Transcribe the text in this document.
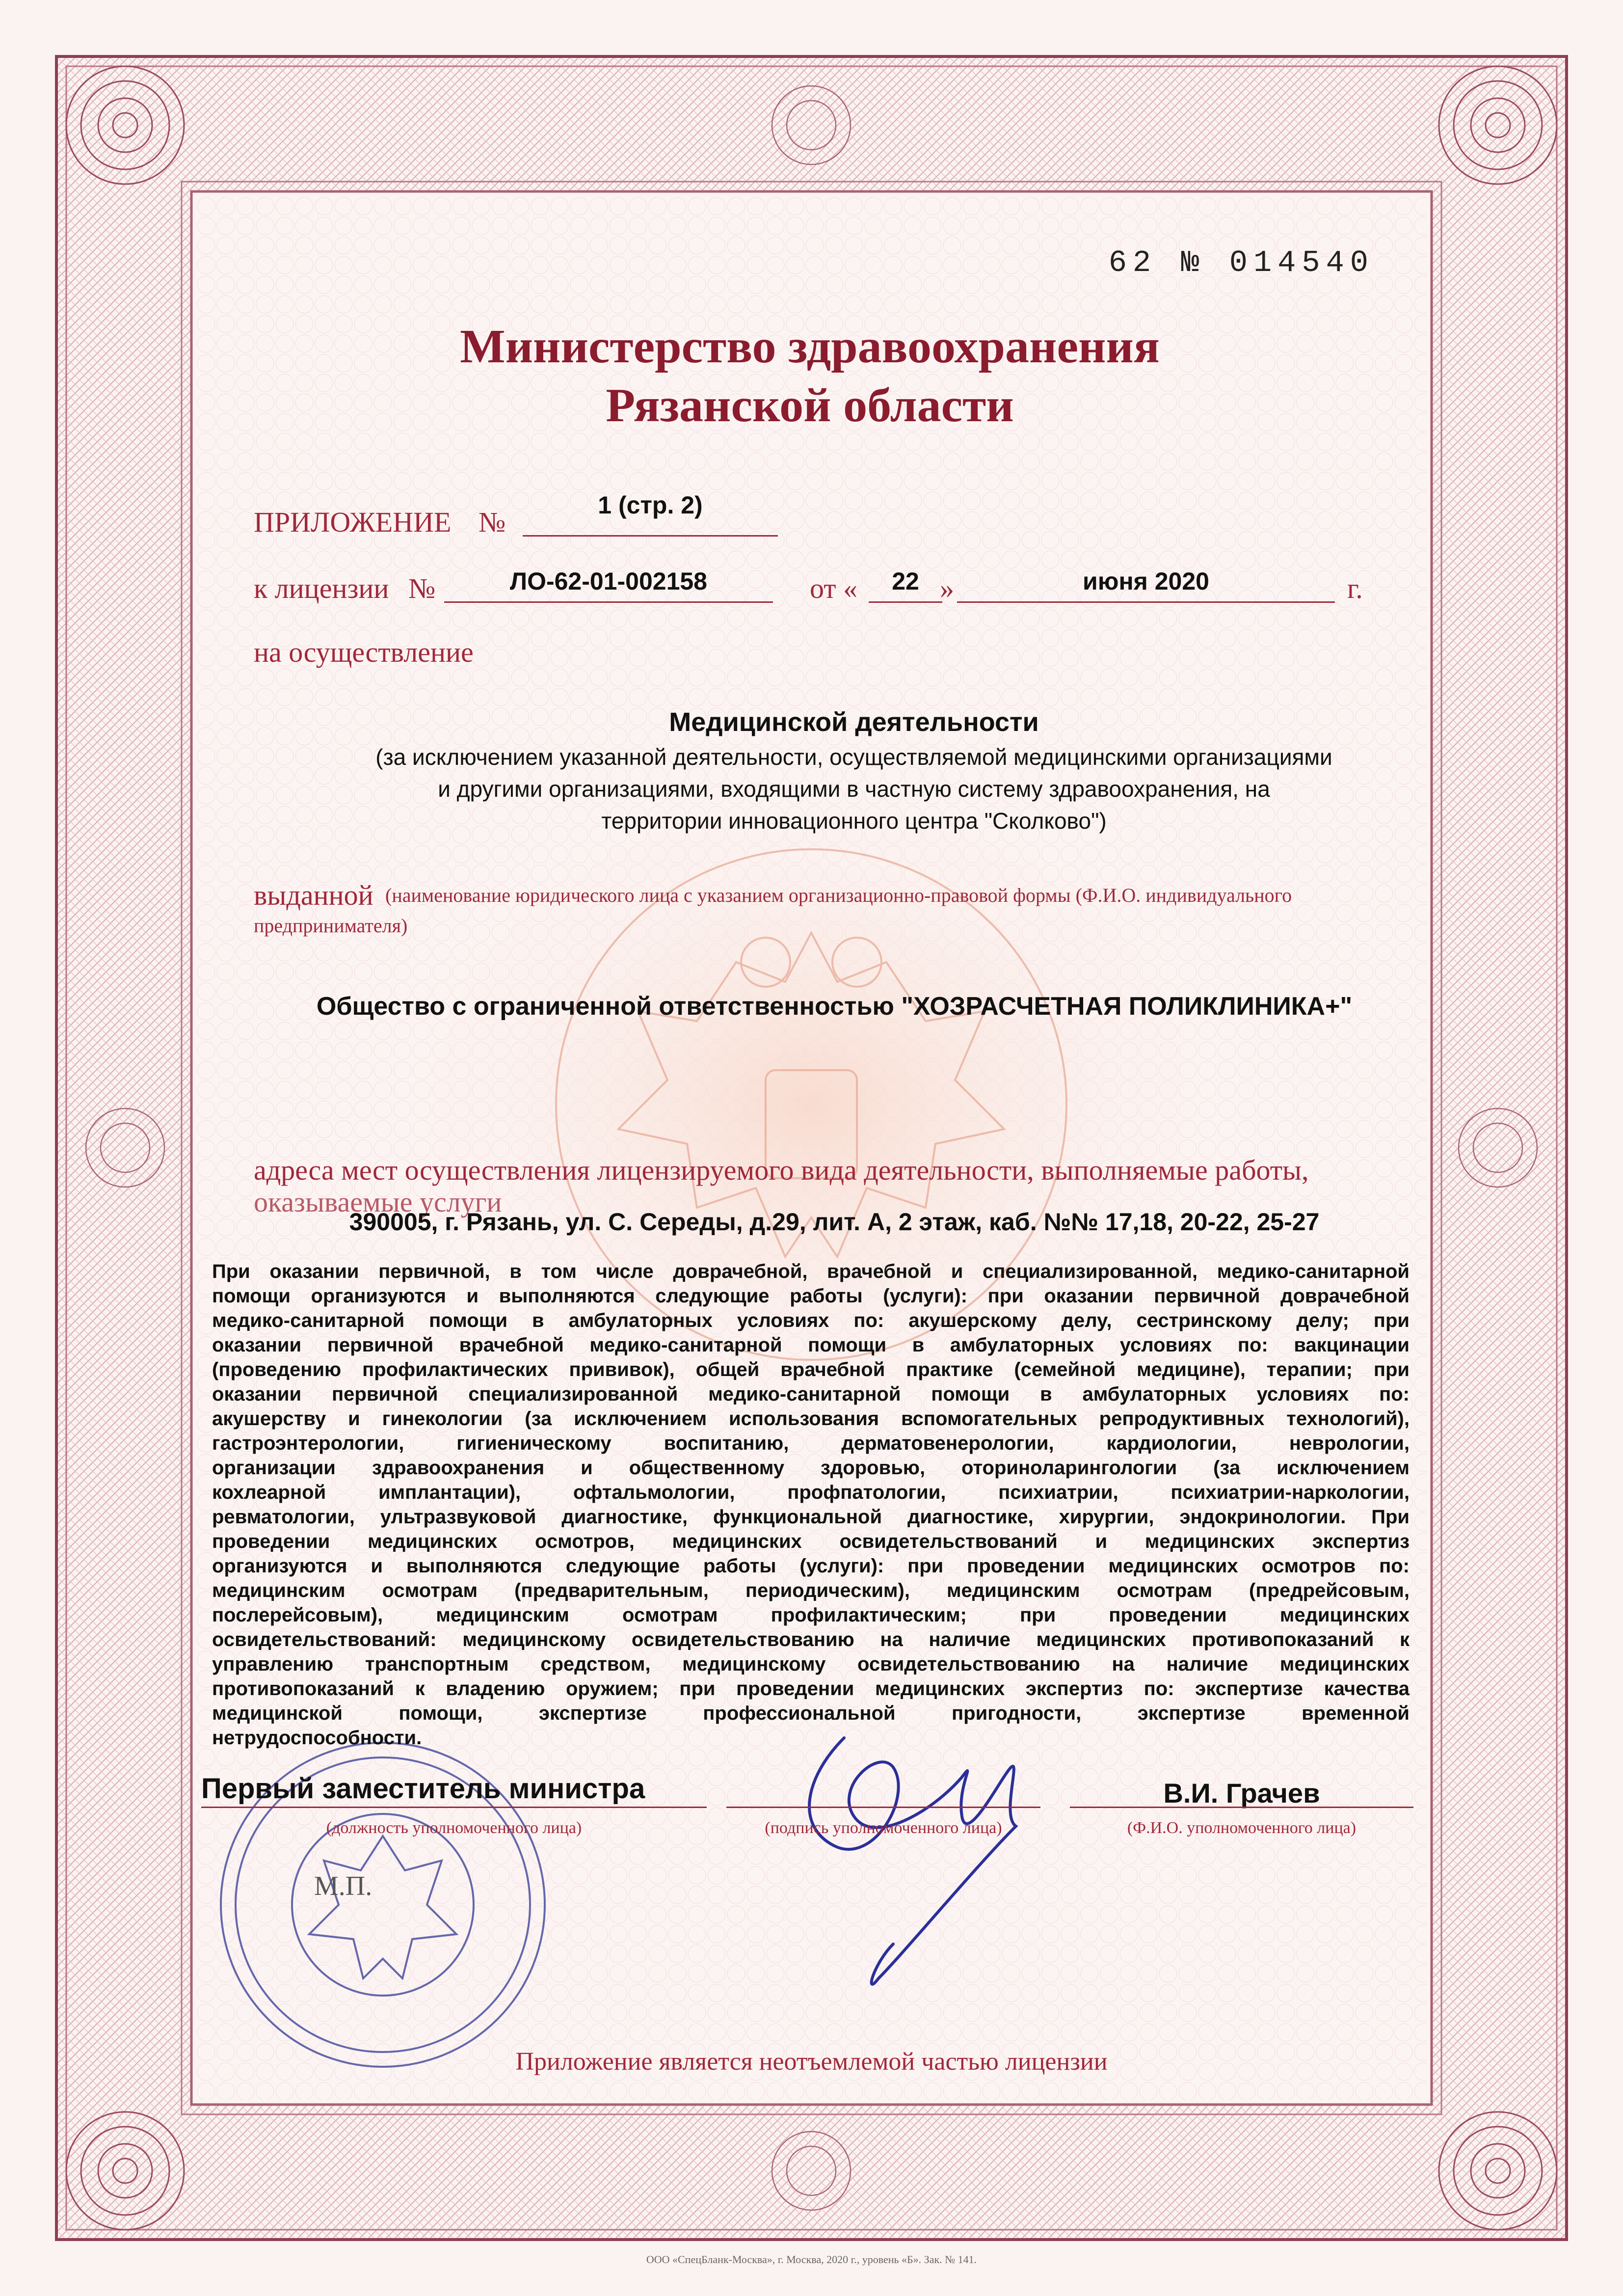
62 № 014540
Министерство здравоохранения
Рязанской области
ПРИЛОЖЕНИЕ №
1 (стр. 2)
к лицензии №	ЛО-62-01-002158	от «	22 »	июня 2020	г.
на осуществление
Медицинской деятельности
(за исключением указанной деятельности, осуществляемой медицинскими организациями
и другими организациями, входящими в частную систему здравоохранения, на
территории инновационного центра "Сколково")
выданной (наименование юридического лица с указанием организационно-правовой формы (Ф.И.О. индивидуального
предпринимателя)
Общество с ограниченной ответственностью "ХОЗРАСЧЕТНАЯ ПОЛИКЛИНИКА+"
адреса мест осуществления лицензируемого вида деятельности, выполняемые работы,
оказываемые услуги
390005, г. Рязань, ул. С. Середы, д.29, лит. А, 2 этаж, каб. №№ 17,18, 20-22, 25-27
При оказании первичной, в том числе доврачебной, врачебной и специализированной, медико-санитарной
помощи организуются и выполняются следующие работы (услуги): при оказании первичной доврачебной
медико-санитарной помощи в амбулаторных условиях по: акушерскому делу, сестринскому делу; при
оказании первичной врачебной медико-санитарной помощи в амбулаторных условиях по: вакцинации
(проведению профилактических прививок), общей врачебной практике (семейной медицине), терапии; при
оказании первичной специализированной медико-санитарной помощи в амбулаторных условиях по:
акушерству и гинекологии (за исключением использования вспомогательных репродуктивных технологий),
гастроэнтерологии, гигиеническому воспитанию, дерматовенерологии, кардиологии, неврологии,
организации здравоохранения и общественному здоровью, оториноларингологии (за исключением
кохлеарной имплантации), офтальмологии, профпатологии, психиатрии, психиатрии-наркологии,
ревматологии, ультразвуковой диагностике, функциональной диагностике, хирургии, эндокринологии. При
проведении медицинских осмотров, медицинских освидетельствований и медицинских экспертиз
организуются и выполняются следующие работы (услуги): при проведении медицинских осмотров по:
медицинским осмотрам (предварительным, периодическим), медицинским осмотрам (предрейсовым,
послерейсовым), медицинским осмотрам профилактическим; при проведении медицинских
освидетельствований: медицинскому освидетельствованию на наличие медицинских противопоказаний к
управлению транспортным средством, медицинскому освидетельствованию на наличие медицинских
противопоказаний к владению оружием; при проведении медицинских экспертиз по: экспертизе качества
медицинской помощи, экспертизе профессиональной пригодности, экспертизе временной
нетрудоспособности.
Первый заместитель министра
(должность уполномоченного лица)	(подпись уполномоченного лица)
В.И. Грачев
(Ф.И.О. уполномоченного лица)
М.П.
Приложение является неотъемлемой частью лицензии
ООО «СпецБланк-Москва», г. Москва, 2020 г., уровень «Б». Зак. № 141.
